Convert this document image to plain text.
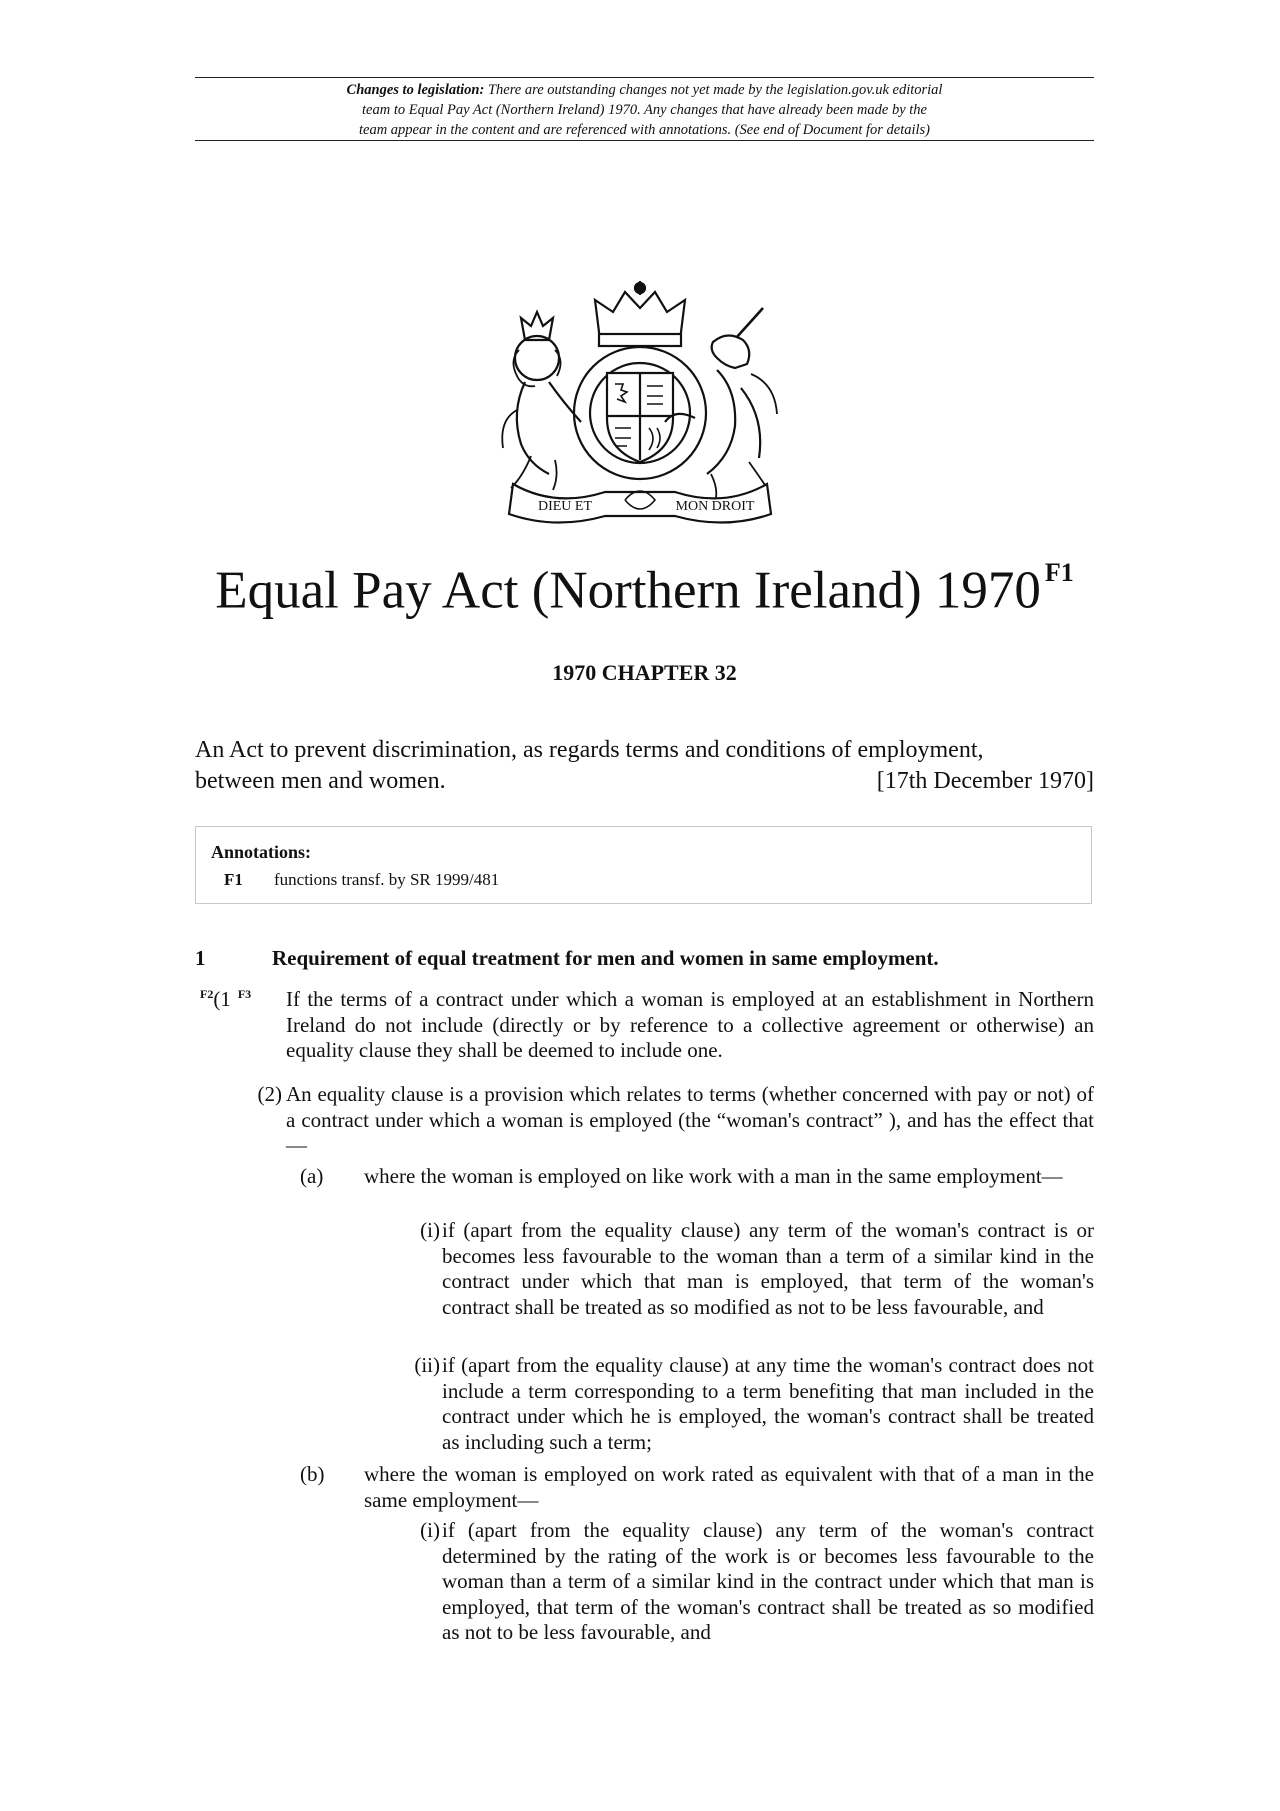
Changes to legislation: There are outstanding changes not yet made by the legislation.gov.uk editorial
team to Equal Pay Act (Northern Ireland) 1970. Any changes that have already been made by the
team appear in the content and are referenced with annotations. (See end of Document for details)

DIEU ET	MON DROIT
Equal Pay Act (Northern Ireland) 1970 $^{F1}$
1970 CHAPTER 32
An Act to prevent discrimination, as regards terms and conditions of employment,
between men and women.	[17th December 1970]
Annotations:
F1 functions transf. by SR 1999/481
1	Requirement of equal treatment for men and women in same employment.
$^{F2}$(1 $^{F3}$	If the terms of a contract under which a woman is employed at an establishment in Northern Ireland do not include (directly or by reference to a collective agreement or otherwise) an equality clause they shall be deemed to include one.
(2) An equality clause is a provision which relates to terms (whether concerned with pay or not) of a contract under which a woman is employed (the “woman's contract” ), and has the effect that—
(a)	where the woman is employed on like work with a man in the same employment—
(i) if (apart from the equality clause) any term of the woman's contract is or becomes less favourable to the woman than a term of a similar kind in the contract under which that man is employed, that term of the woman's contract shall be treated as so modified as not to be less favourable, and
(ii) if (apart from the equality clause) at any time the woman's contract does not include a term corresponding to a term benefiting that man included in the contract under which he is employed, the woman's contract shall be treated as including such a term;
(b)	where the woman is employed on work rated as equivalent with that of a man in the same employment—
(i) if (apart from the equality clause) any term of the woman's contract determined by the rating of the work is or becomes less favourable to the woman than a term of a similar kind in the contract under which that man is employed, that term of the woman's contract shall be treated as so modified as not to be less favourable, and
